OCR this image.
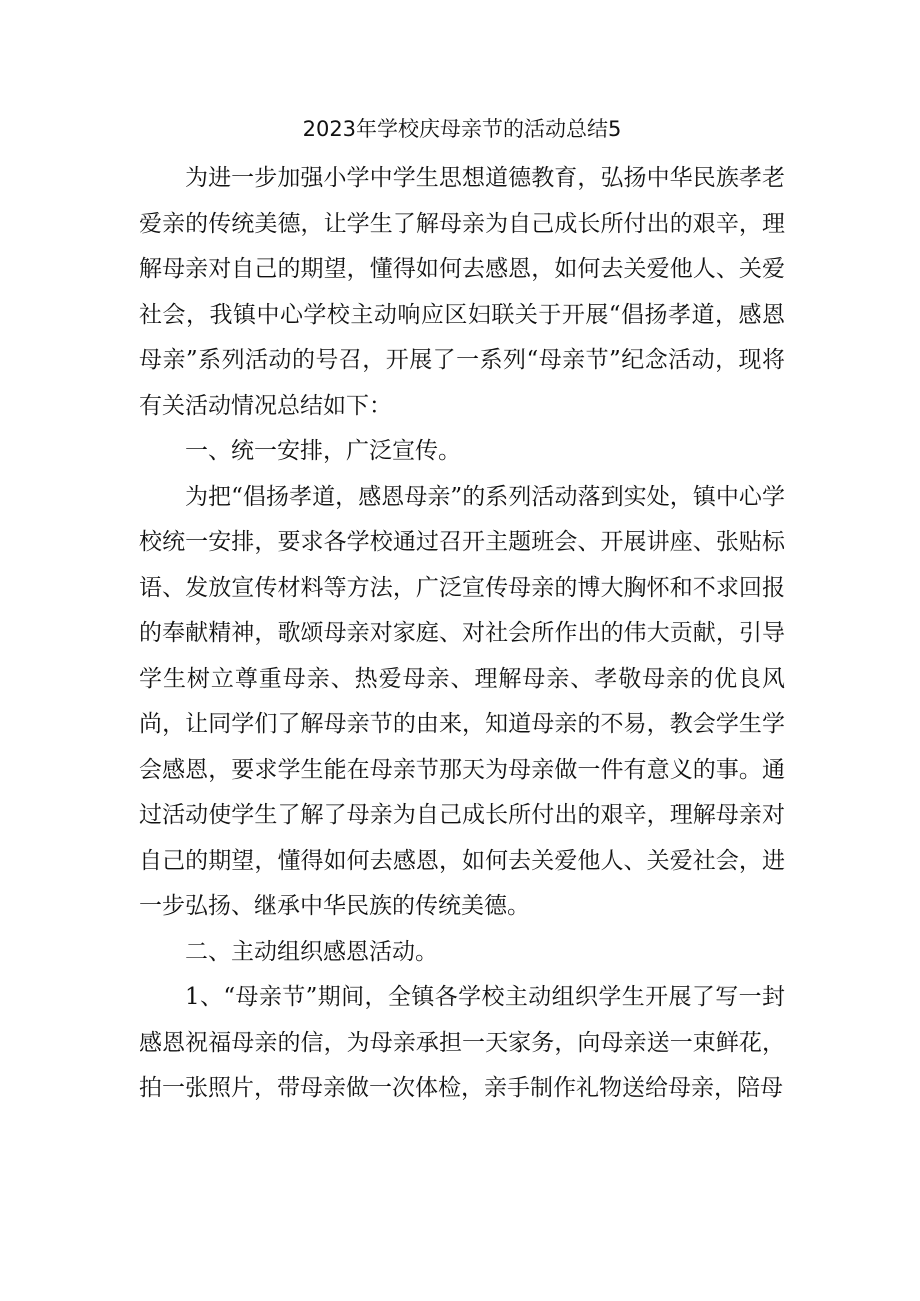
2023年学校庆母亲节的活动总结5

为进一步加强小学中学生思想道德教育，弘扬中华民族孝老爱亲的传统美德，让学生了解母亲为自己成长所付出的艰辛，理解母亲对自己的期望，懂得如何去感恩，如何去关爱他人、关爱社会，我镇中心学校主动响应区妇联关于开展“倡扬孝道，感恩母亲”系列活动的号召，开展了一系列“母亲节”纪念活动，现将有关活动情况总结如下：

一、统一安排，广泛宣传。

为把“倡扬孝道，感恩母亲”的系列活动落到实处，镇中心学校统一安排，要求各学校通过召开主题班会、开展讲座、张贴标语、发放宣传材料等方法，广泛宣传母亲的博大胸怀和不求回报的奉献精神，歌颂母亲对家庭、对社会所作出的伟大贡献，引导学生树立尊重母亲、热爱母亲、理解母亲、孝敬母亲的优良风尚，让同学们了解母亲节的由来，知道母亲的不易，教会学生学会感恩，要求学生能在母亲节那天为母亲做一件有意义的事。通过活动使学生了解了母亲为自己成长所付出的艰辛，理解母亲对自己的期望，懂得如何去感恩，如何去关爱他人、关爱社会，进一步弘扬、继承中华民族的传统美德。

二、主动组织感恩活动。

1、“母亲节”期间，全镇各学校主动组织学生开展了写一封感恩祝福母亲的信，为母亲承担一天家务，向母亲送一束鲜花，拍一张照片，带母亲做一次体检，亲手制作礼物送给母亲，陪母
